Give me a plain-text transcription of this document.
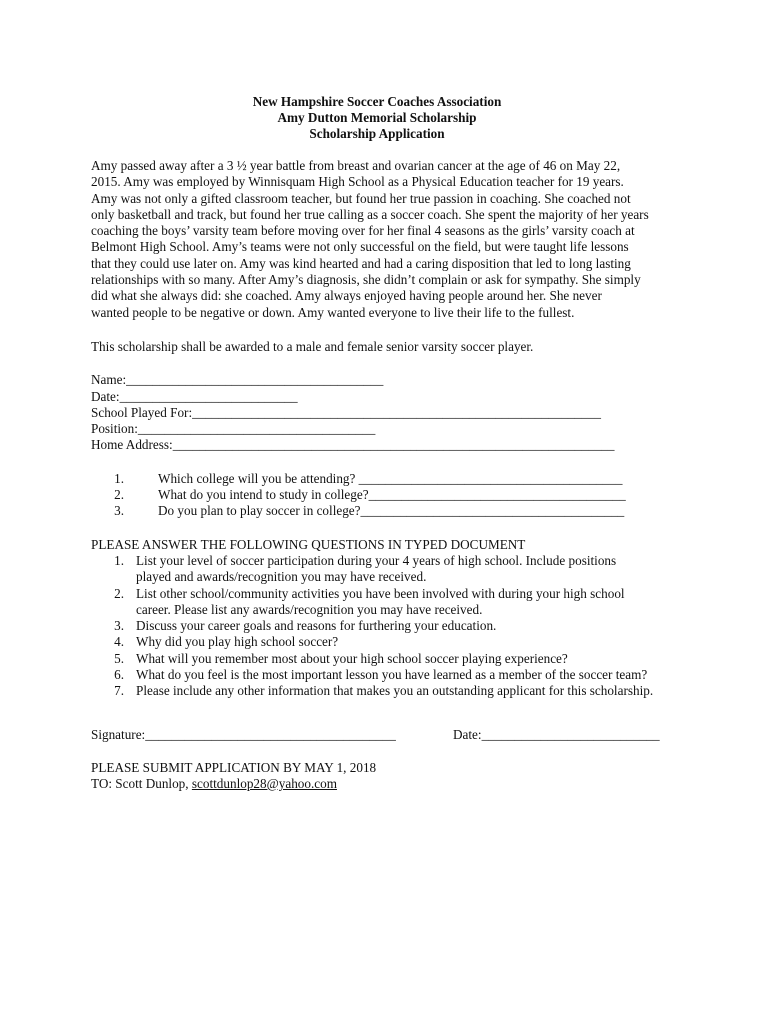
New Hampshire Soccer Coaches Association
Amy Dutton Memorial Scholarship
Scholarship Application
Amy passed away after a 3 ½ year battle from breast and ovarian cancer at the age of 46 on May 22,
2015. Amy was employed by Winnisquam High School as a Physical Education teacher for 19 years.
Amy was not only a gifted classroom teacher, but found her true passion in coaching. She coached not
only basketball and track, but found her true calling as a soccer coach. She spent the majority of her years
coaching the boys’ varsity team before moving over for her final 4 seasons as the girls’ varsity coach at
Belmont High School. Amy’s teams were not only successful on the field, but were taught life lessons
that they could use later on. Amy was kind hearted and had a caring disposition that led to long lasting
relationships with so many. After Amy’s diagnosis, she didn’t complain or ask for sympathy. She simply
did what she always did: she coached. Amy always enjoyed having people around her. She never
wanted people to be negative or down. Amy wanted everyone to live their life to the fullest.
This scholarship shall be awarded to a male and female senior varsity soccer player.
Name:_______________________________________
Date:___________________________
School Played For:______________________________________________________________
Position:____________________________________
Home Address:___________________________________________________________________
1.	Which college will you be attending? ________________________________________
2.	What do you intend to study in college?_______________________________________
3.	Do you plan to play soccer in college?________________________________________
PLEASE ANSWER THE FOLLOWING QUESTIONS IN TYPED DOCUMENT
1. List your level of soccer participation during your 4 years of high school. Include positions
played and awards/recognition you may have received.
2. List other school/community activities you have been involved with during your high school
career. Please list any awards/recognition you may have received.
3. Discuss your career goals and reasons for furthering your education.
4. Why did you play high school soccer?
5. What will you remember most about your high school soccer playing experience?
6. What do you feel is the most important lesson you have learned as a member of the soccer team?
7. Please include any other information that makes you an outstanding applicant for this scholarship.
Signature:______________________________________	Date:___________________________
PLEASE SUBMIT APPLICATION BY MAY 1, 2018
TO: Scott Dunlop, scottdunlop28@yahoo.com
